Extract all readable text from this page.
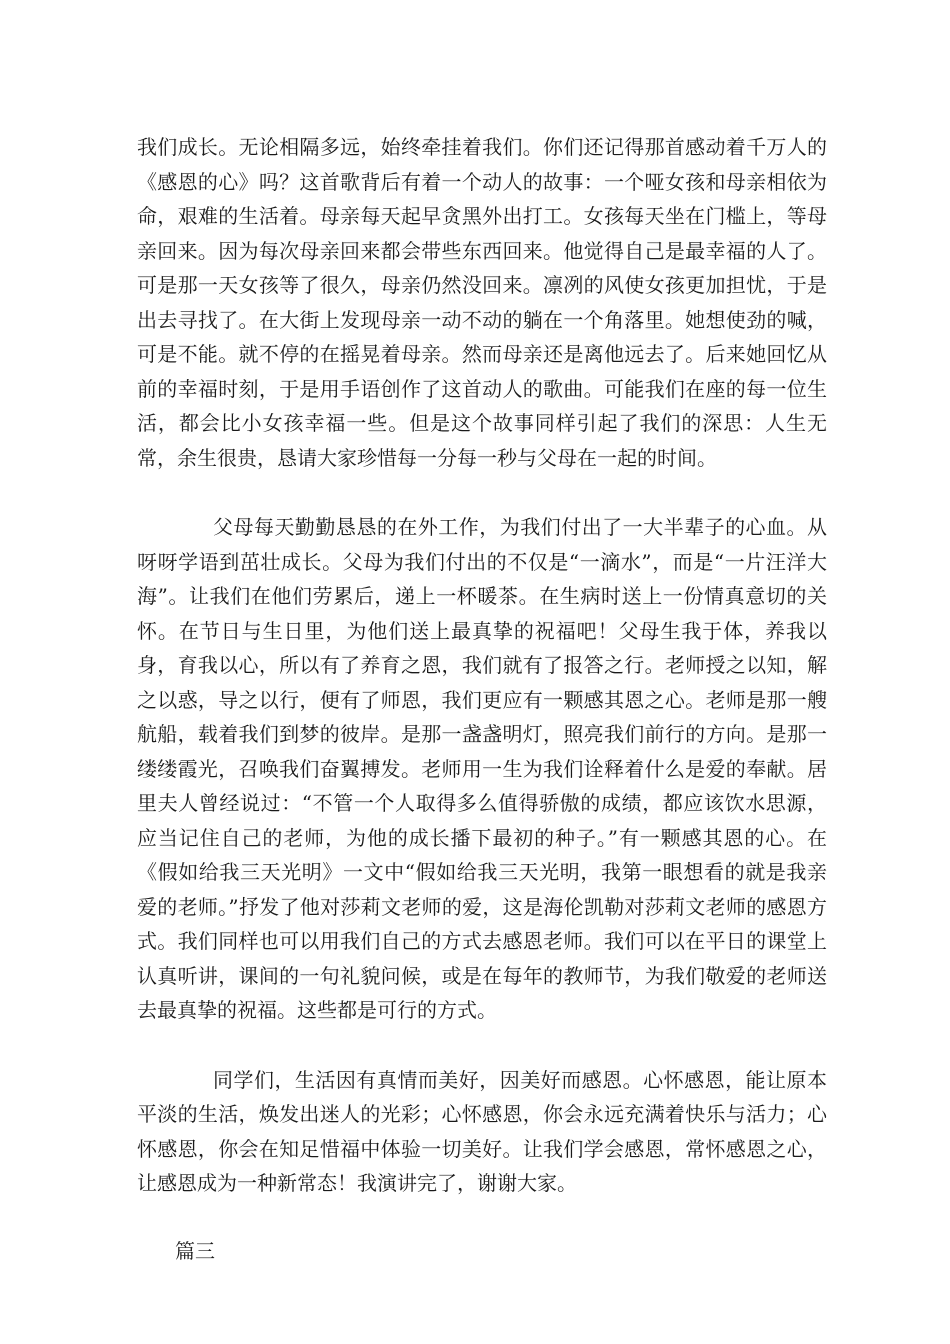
我们成长。无论相隔多远，始终牵挂着我们。你们还记得那首感动着千万人的《感恩的心》吗？这首歌背后有着一个动人的故事：一个哑女孩和母亲相依为命，艰难的生活着。母亲每天起早贪黑外出打工。女孩每天坐在门槛上，等母亲回来。因为每次母亲回来都会带些东西回来。他觉得自己是最幸福的人了。可是那一天女孩等了很久，母亲仍然没回来。凛冽的风使女孩更加担忧，于是出去寻找了。在大街上发现母亲一动不动的躺在一个角落里。她想使劲的喊，可是不能。就不停的在摇晃着母亲。然而母亲还是离他远去了。后来她回忆从前的幸福时刻，于是用手语创作了这首动人的歌曲。可能我们在座的每一位生活，都会比小女孩幸福一些。但是这个故事同样引起了我们的深思：人生无常，余生很贵，恳请大家珍惜每一分每一秒与父母在一起的时间。

父母每天勤勤恳恳的在外工作，为我们付出了一大半辈子的心血。从呀呀学语到茁壮成长。父母为我们付出的不仅是“一滴水”，而是“一片汪洋大海”。让我们在他们劳累后，递上一杯暖茶。在生病时送上一份情真意切的关怀。在节日与生日里，为他们送上最真挚的祝福吧！父母生我于体，养我以身，育我以心，所以有了养育之恩，我们就有了报答之行。老师授之以知，解之以惑，导之以行，便有了师恩，我们更应有一颗感其恩之心。老师是那一艘航船，载着我们到梦的彼岸。是那一盏盏明灯，照亮我们前行的方向。是那一缕缕霞光，召唤我们奋翼搏发。老师用一生为我们诠释着什么是爱的奉献。居里夫人曾经说过：“不管一个人取得多么值得骄傲的成绩，都应该饮水思源，应当记住自己的老师，为他的成长播下最初的种子。”有一颗感其恩的心。在《假如给我三天光明》一文中“假如给我三天光明，我第一眼想看的就是我亲爱的老师。”抒发了他对莎莉文老师的爱，这是海伦凯勒对莎莉文老师的感恩方式。我们同样也可以用我们自己的方式去感恩老师。我们可以在平日的课堂上认真听讲，课间的一句礼貌问候，或是在每年的教师节，为我们敬爱的老师送去最真挚的祝福。这些都是可行的方式。

同学们，生活因有真情而美好，因美好而感恩。心怀感恩，能让原本平淡的生活，焕发出迷人的光彩；心怀感恩，你会永远充满着快乐与活力；心怀感恩，你会在知足惜福中体验一切美好。让我们学会感恩，常怀感恩之心，让感恩成为一种新常态！我演讲完了，谢谢大家。

篇三
